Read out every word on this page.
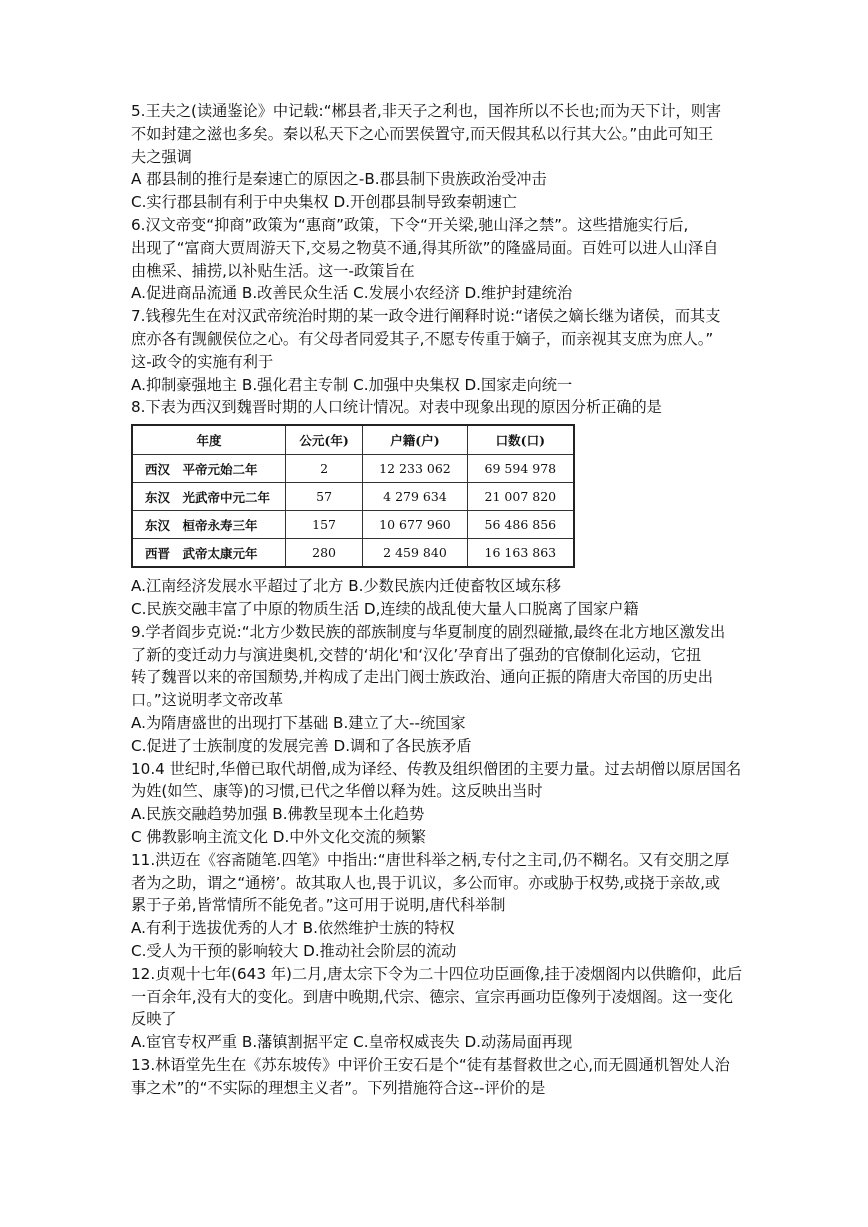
5.王夫之(读通鉴论》中记载:“郴县者,非天子之利也，国祚所以不长也;而为天下计，则害
不如封建之滋也多矣。秦以私天下之心而罢侯置守,而天假其私以行其大公。”由此可知王
夫之强调
A 郡县制的推行是秦速亡的原因之-B.郡县制下贵族政治受冲击
C.实行郡县制有利于中央集权 D.开创郡县制导致秦朝速亡
6.汉文帝变“抑商”政策为“惠商”政策，下令“开关梁,驰山泽之禁”。这些措施实行后,
出现了“富商大贾周游天下,交易之物莫不通,得其所欲”的隆盛局面。百姓可以进人山泽自
由樵采、捕捞,以补贴生活。这一-政策旨在
A.促进商品流通 B.改善民众生活 C.发展小农经济 D.维护封建统治
7.钱穆先生在对汉武帝统治时期的某一政令进行阐释时说:“诸侯之嫡长继为诸侯，而其支
庶亦各有觊觎侯位之心。有父母者同爱其子,不愿专传重于嫡子，而亲视其支庶为庶人。”
这-政令的实施有利于
A.抑制豪强地主 B.强化君主专制 C.加强中央集权 D.国家走向统一
8.下表为西汉到魏晋时期的人口统计情况。对表中现象出现的原因分析正确的是
年度	公元(年)	户籍(户)	口数(口)
西汉　平帝元始二年	2	12 233 062	69 594 978
东汉　光武帝中元二年	57	4 279 634	21 007 820
东汉　桓帝永寿三年	157	10 677 960	56 486 856
西晋　武帝太康元年	280	2 459 840	16 163 863
A.江南经济发展水平超过了北方 B.少数民族内迁使畜牧区域东移
C.民族交融丰富了中原的物质生活 D,连续的战乱使大量人口脱离了国家户籍
9.学者阎步克说:“北方少数民族的部族制度与华夏制度的剧烈碰撤,最终在北方地区激发出
了新的变迁动力与演进奥机,交替的‘胡化'和‘汉化’孕育出了强劲的官僚制化运动，它扭
转了魏晋以来的帝国颓势,并构成了走出门阀士族政治、通向正振的隋唐大帝国的历史出
口。”这说明孝文帝改革
A.为隋唐盛世的出现打下基础 B.建立了大--统国家
C.促进了士族制度的发展完善 D.调和了各民族矛盾
10.4 世纪时,华僧已取代胡僧,成为译经、传教及组织僧团的主要力量。过去胡僧以原居国名
为姓(如竺、康等)的习惯,已代之华僧以释为姓。这反映出当时
A.民族交融趋势加强 B.佛教呈现本土化趋势
C 佛教影响主流文化 D.中外文化交流的频繁
11.洪迈在《容斋随笔.四笔》中指出:“唐世科举之柄,专付之主司,仍不糊名。又有交朋之厚
者为之助，谓之“通榜’。故其取人也,畏于讥议，多公而审。亦或胁于权势,或挠于亲故,或
累于子弟,皆常情所不能免者。”这可用于说明,唐代科举制
A.有利于选拔优秀的人才 B.依然维护士族的特权
C.受人为干预的影响较大 D.推动社会阶层的流动
12.贞观十七年(643 年)二月,唐太宗下令为二十四位功臣画像,挂于凌烟阁内以供瞻仰，此后
一百余年,没有大的变化。到唐中晚期,代宗、德宗、宣宗再画功臣像列于凌烟阁。这一变化
反映了
A.宦官专权严重 B.藩镇割据平定 C.皇帝权威丧失 D.动荡局面再现
13.林语堂先生在《苏东坡传》中评价王安石是个“徒有基督救世之心,而无圆通机智处人治
事之术”的“不实际的理想主义者”。下列措施符合这--评价的是
